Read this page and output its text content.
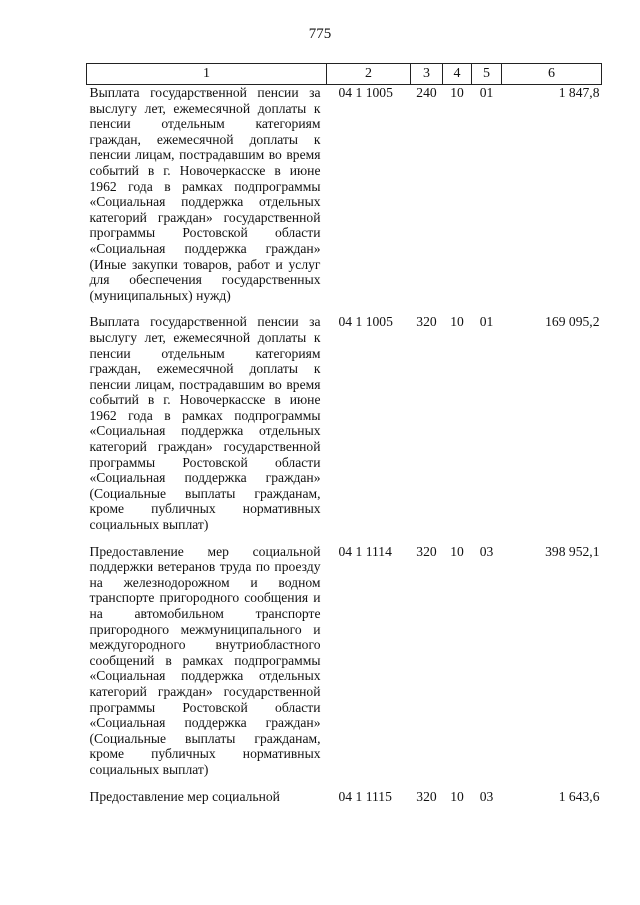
775
1	2	3	4	5	6
Выплата государственной пенсии за выслугу лет, ежемесячной доплаты к пенсии отдельным категориям граждан, ежемесячной доплаты к пенсии лицам, пострадавшим во время событий в г. Новочеркасске в июне 1962 года в рамках подпрограммы «Социальная поддержка отдельных категорий граждан» государственной программы Ростовской области «Социальная поддержка граждан» (Иные закупки товаров, работ и услуг для обеспечения государственных (муниципальных) нужд)	04 1 1005	240	10	01	1 847,8
Выплата государственной пенсии за выслугу лет, ежемесячной доплаты к пенсии отдельным категориям граждан, ежемесячной доплаты к пенсии лицам, пострадавшим во время событий в г. Новочеркасске в июне 1962 года в рамках подпрограммы «Социальная поддержка отдельных категорий граждан» государственной программы Ростовской области «Социальная поддержка граждан» (Социальные выплаты гражданам, кроме публичных нормативных социальных выплат)	04 1 1005	320	10	01	169 095,2
Предоставление мер социальной поддержки ветеранов труда по проезду на железнодорожном и водном транспорте пригородного сообщения и на автомобильном транспорте пригородного межмуниципального и междугородного внутриобластного сообщений в рамках подпрограммы «Социальная поддержка отдельных категорий граждан» государственной программы Ростовской области «Социальная поддержка граждан» (Социальные выплаты гражданам, кроме публичных нормативных социальных выплат)	04 1 1114	320	10	03	398 952,1
Предоставление мер социальной	04 1 1115	320	10	03	1 643,6
